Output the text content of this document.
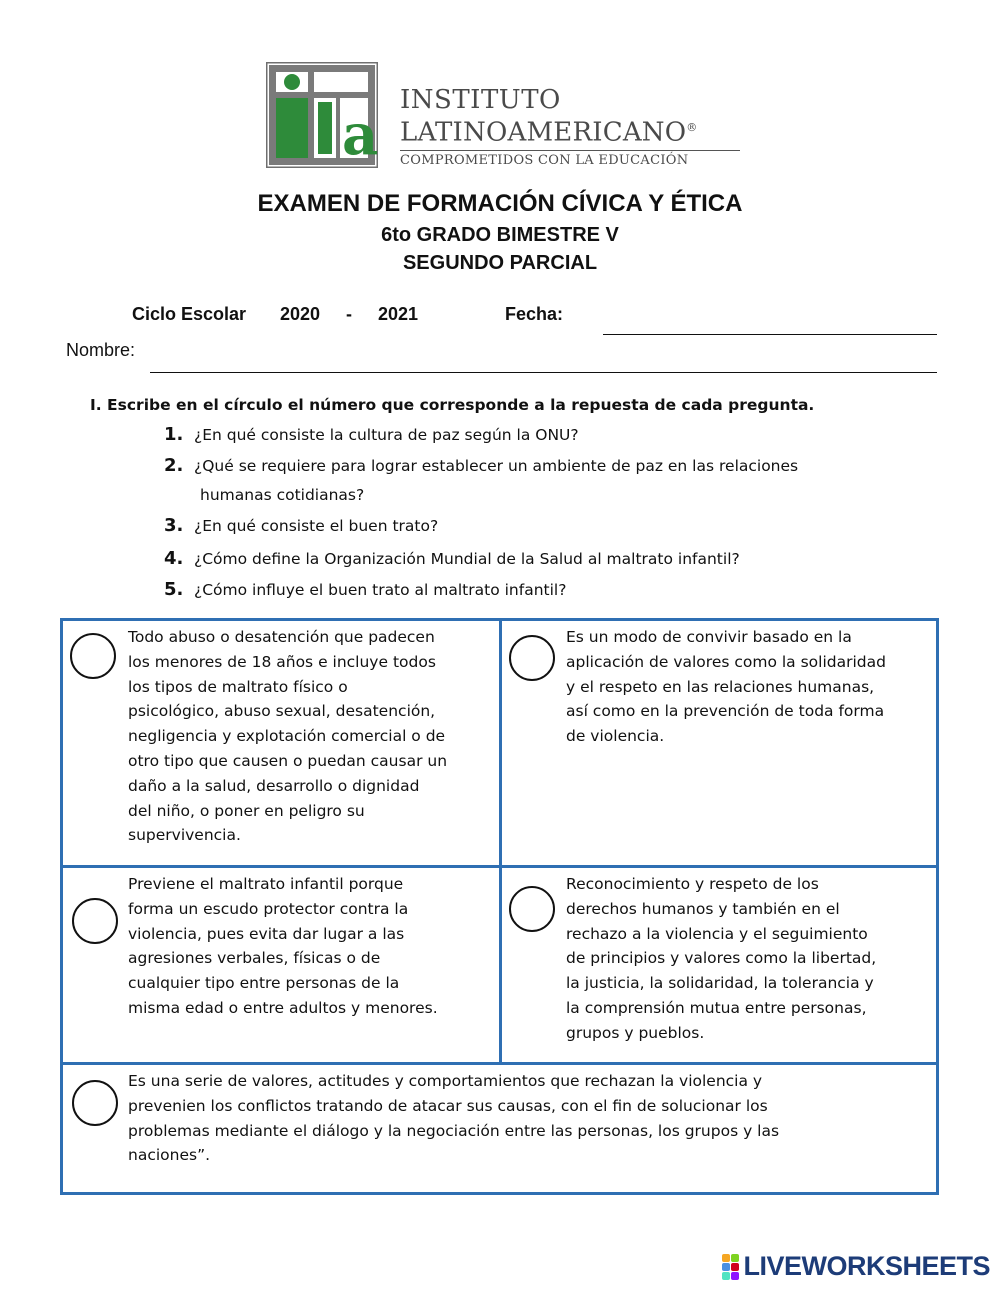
a
INSTITUTO
LATINOAMERICANO®
COMPROMETIDOS CON LA EDUCACIÓN
EXAMEN DE FORMACIÓN CÍVICA Y ÉTICA
6to GRADO BIMESTRE V
SEGUNDO PARCIAL
Ciclo Escolar 2020 - 2021	Fecha:
Nombre:
I. Escribe en el círculo el número que corresponde a la repuesta de cada pregunta.
1. ¿En qué consiste la cultura de paz según la ONU?
2. ¿Qué se requiere para lograr establecer un ambiente de paz en las relaciones
humanas cotidianas?
3. ¿En qué consiste el buen trato?
4. ¿Cómo define la Organización Mundial de la Salud al maltrato infantil?
5. ¿Cómo influye el buen trato al maltrato infantil?
Todo abuso o desatención que padecen
los menores de 18 años e incluye todos
los tipos de maltrato físico o
psicológico, abuso sexual, desatención,
negligencia y explotación comercial o de
otro tipo que causen o puedan causar un
daño a la salud, desarrollo o dignidad
del niño, o poner en peligro su
supervivencia.
Es un modo de convivir basado en la
aplicación de valores como la solidaridad
y el respeto en las relaciones humanas,
así como en la prevención de toda forma
de violencia.
Previene el maltrato infantil porque
forma un escudo protector contra la
violencia, pues evita dar lugar a las
agresiones verbales, físicas o de
cualquier tipo entre personas de la
misma edad o entre adultos y menores.
Reconocimiento y respeto de los
derechos humanos y también en el
rechazo a la violencia y el seguimiento
de principios y valores como la libertad,
la justicia, la solidaridad, la tolerancia y
la comprensión mutua entre personas,
grupos y pueblos.
Es una serie de valores, actitudes y comportamientos que rechazan la violencia y
prevenien los conflictos tratando de atacar sus causas, con el fin de solucionar los
problemas mediante el diálogo y la negociación entre las personas, los grupos y las
naciones”.
LIVEWORKSHEETS
